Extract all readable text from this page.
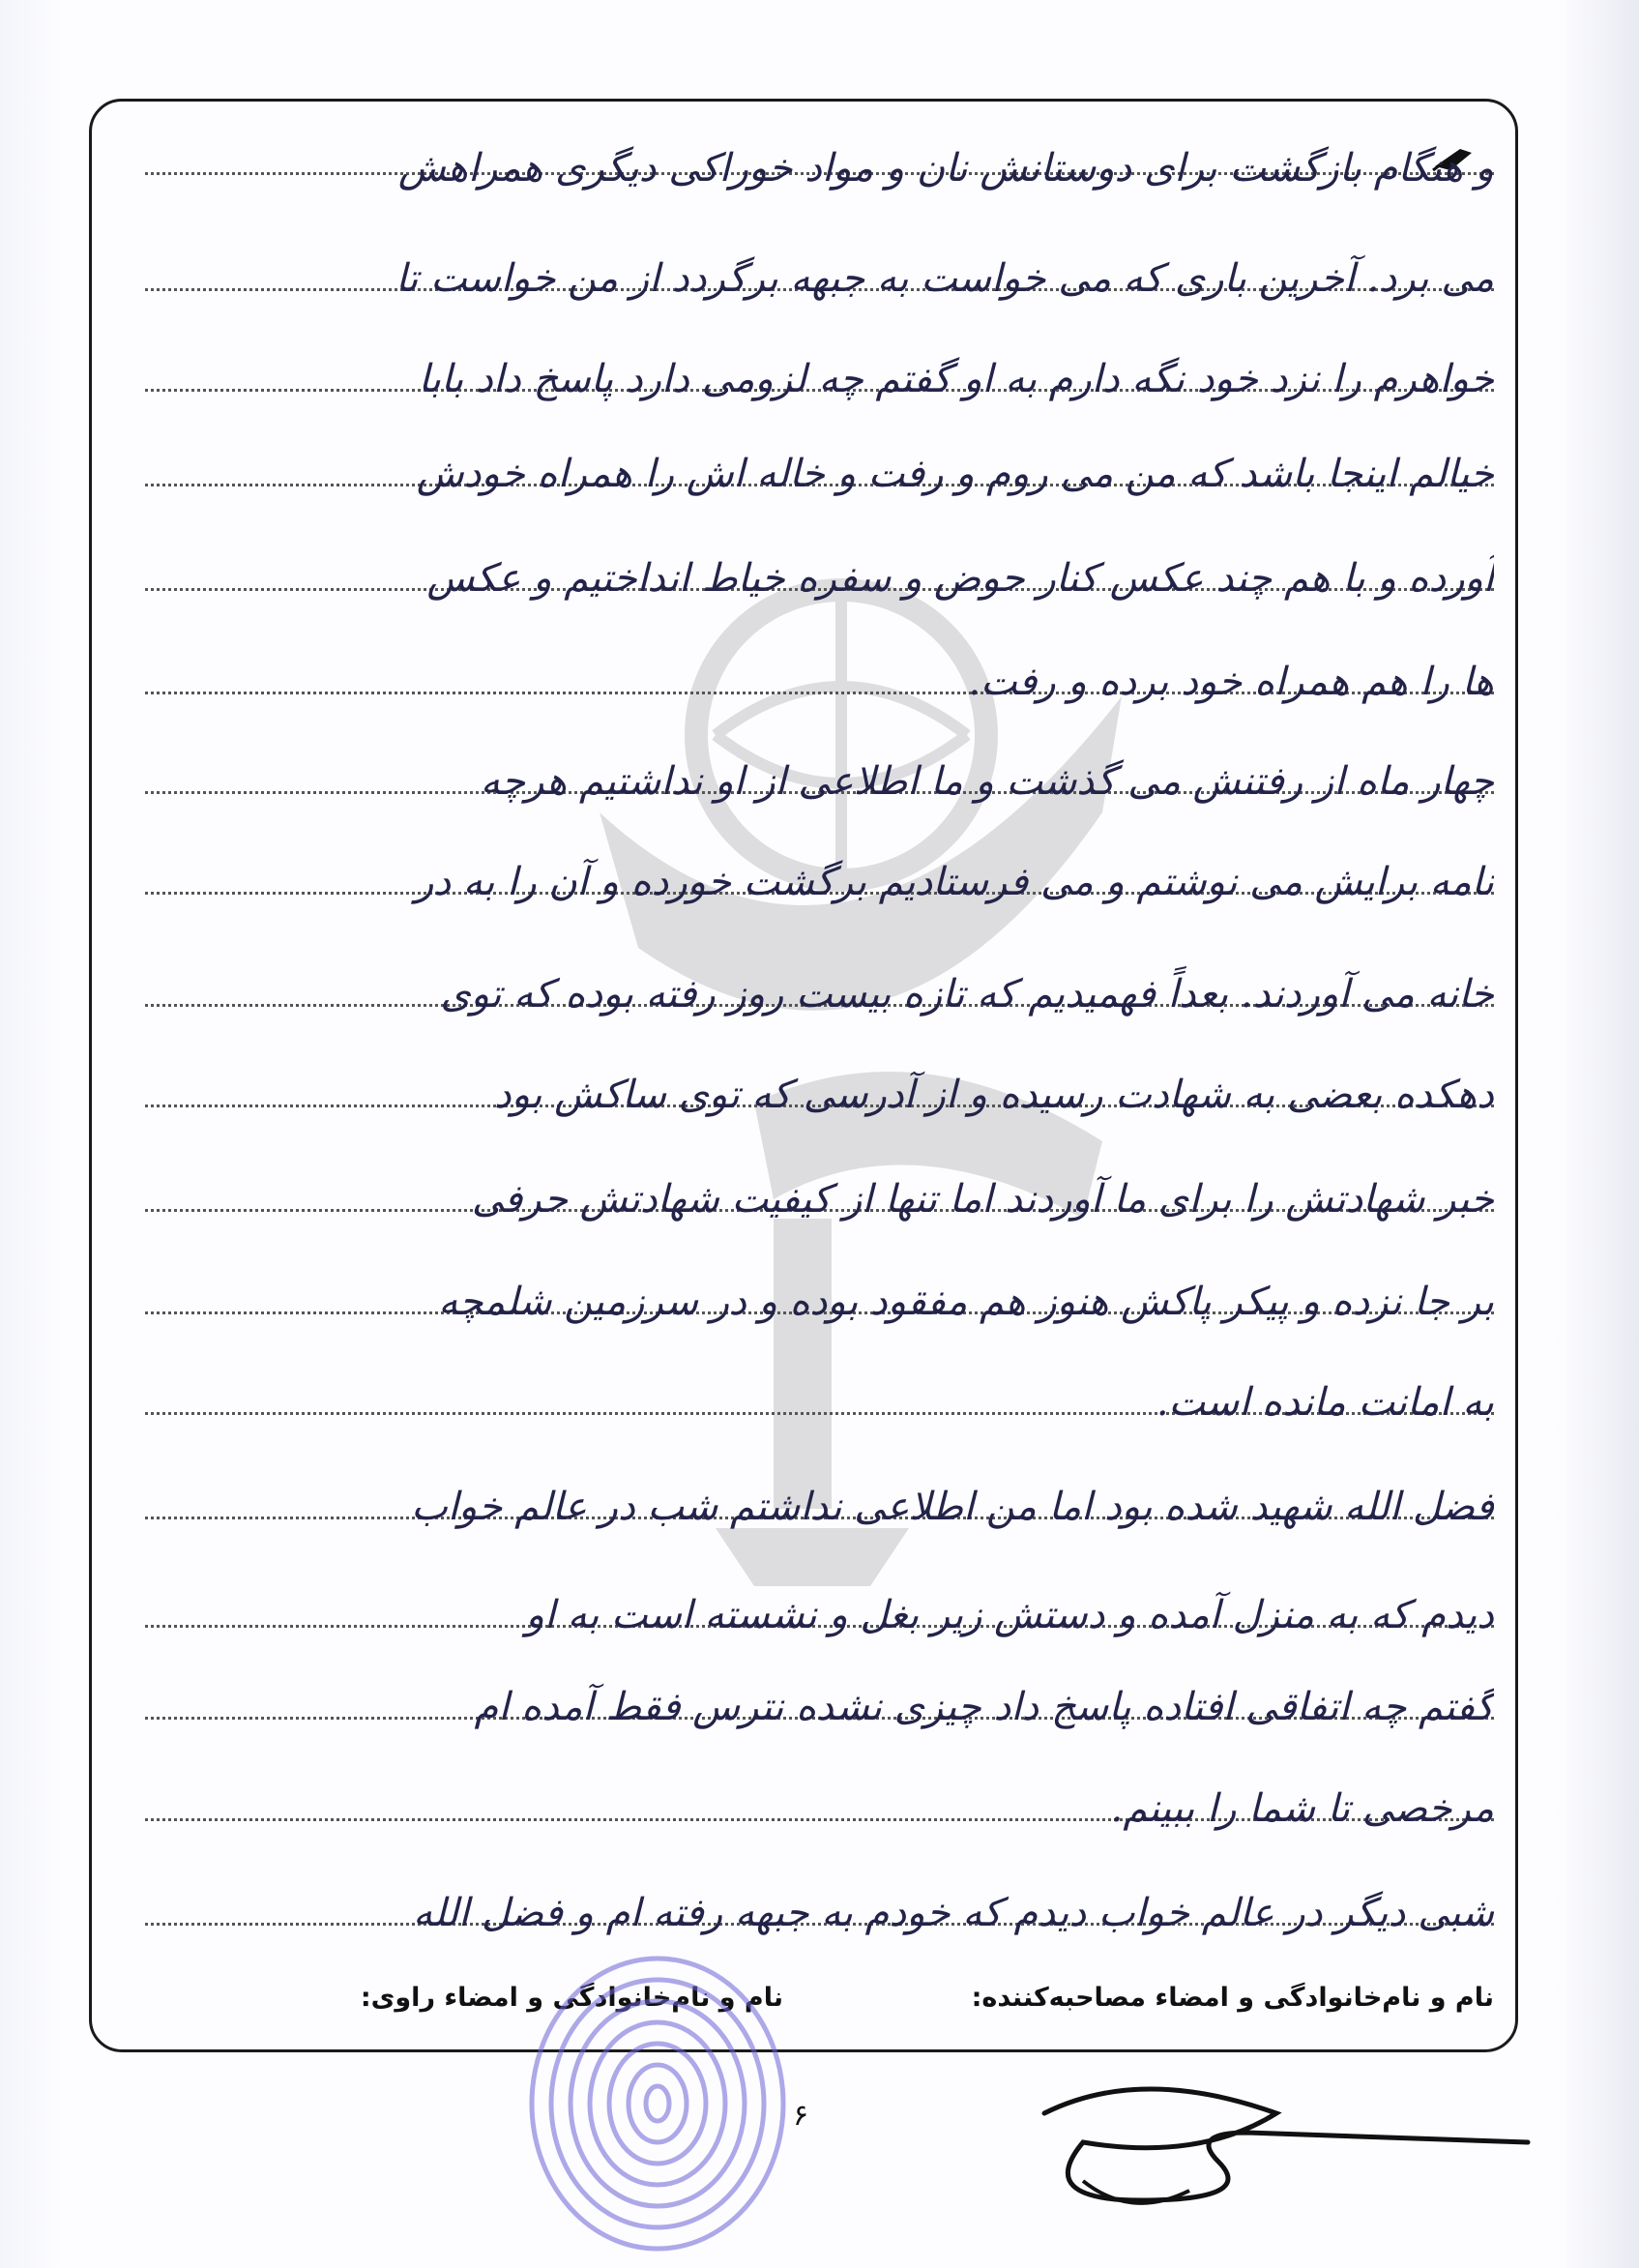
و هنگام بازگشت برای دوستانش نان و مواد خوراکی دیگری همراهش
می برد. آخرین باری که می خواست به جبهه برگردد از من خواست تا
خواهرم را نزد خود نگه دارم به او گفتم چه لزومی دارد پاسخ داد بابا
خیالم اینجا باشد که من می روم و رفت و خاله اش را همراه خودش
آورده و با هم چند عکس کنار حوض و سفره خیاط انداختیم و عکس
ها را هم همراه خود برده و رفت.
چهار ماه از رفتنش می گذشت و ما اطلاعی از او نداشتیم هرچه
نامه برایش می نوشتم و می فرستادیم برگشت خورده و آن را به در
خانه می آوردند. بعداً فهمیدیم که تازه بیست روز رفته بوده که توی
دهکده بعضی به شهادت رسیده و از آدرسی که توی ساکش بود
خبر شهادتش را برای ما آوردند اما تنها از کیفیت شهادتش حرفی
بر جا نزده و پیکر پاکش هنوز هم مفقود بوده و در سرزمین شلمچه
به امانت مانده است.
فضل الله شهید شده بود اما من اطلاعی نداشتم شب در عالم خواب
دیدم که به منزل آمده و دستش زیر بغل و نشسته است به او
گفتم چه اتفاقی افتاده پاسخ داد چیزی نشده نترس فقط آمده ام
مرخصی تا شما را ببینم.
شبی دیگر در عالم خواب دیدم که خودم به جبهه رفته ام و فضل الله
نام و نام‌خانوادگی و امضاء مصاحبه‌کننده:
نام و نام‌خانوادگی و امضاء راوی:
۶
